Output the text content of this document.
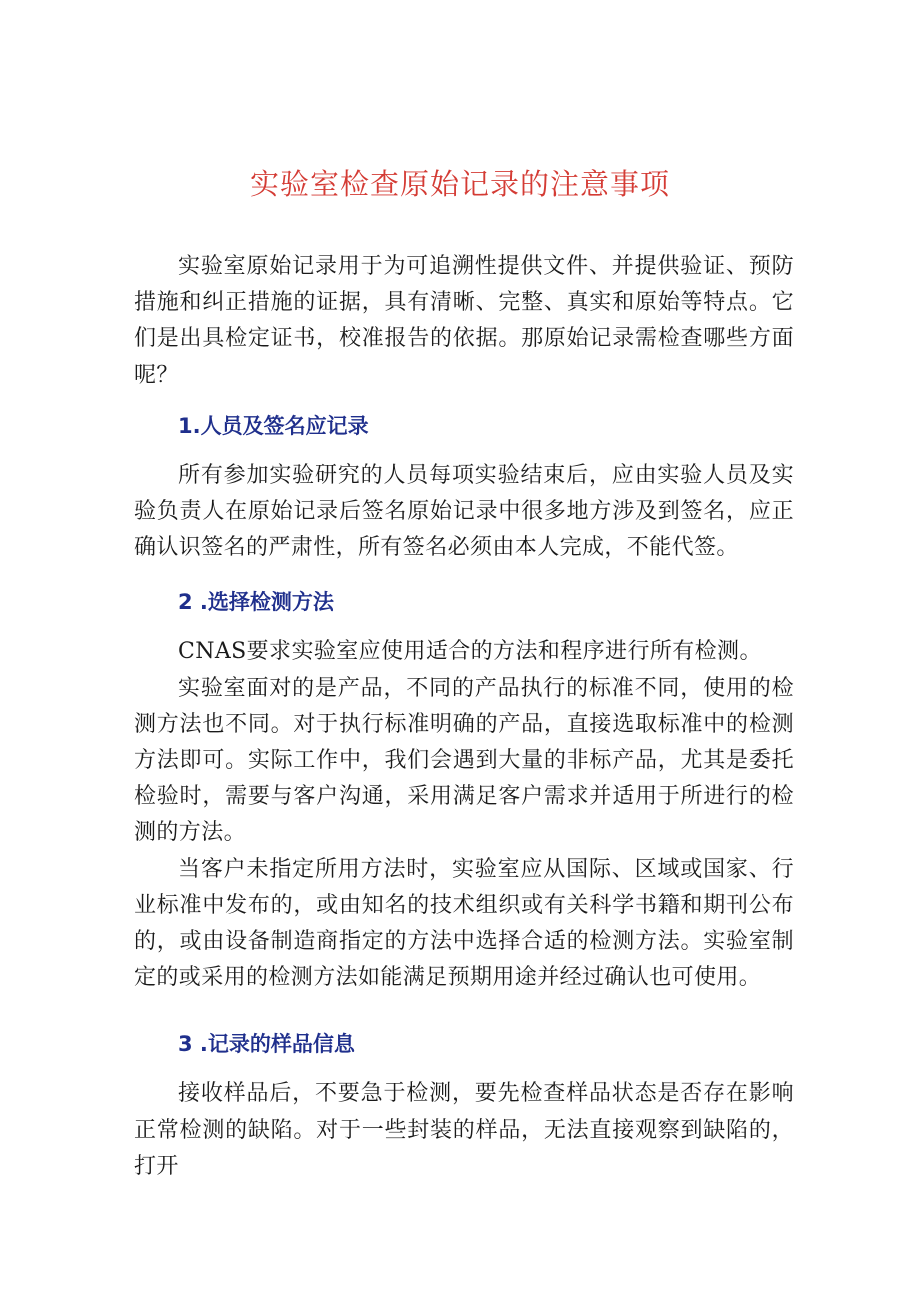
实验室检查原始记录的注意事项

实验室原始记录用于为可追溯性提供文件、并提供验证、预防措施和纠正措施的证据，具有清晰、完整、真实和原始等特点。它们是出具检定证书，校准报告的依据。那原始记录需检查哪些方面呢？

1.人员及签名应记录

所有参加实验研究的人员每项实验结束后，应由实验人员及实验负责人在原始记录后签名原始记录中很多地方涉及到签名，应正确认识签名的严肃性，所有签名必须由本人完成，不能代签。

2 .选择检测方法

CNAS要求实验室应使用适合的方法和程序进行所有检测。

实验室面对的是产品，不同的产品执行的标准不同，使用的检测方法也不同。对于执行标准明确的产品，直接选取标准中的检测方法即可。实际工作中，我们会遇到大量的非标产品，尤其是委托检验时，需要与客户沟通，采用满足客户需求并适用于所进行的检测的方法。

当客户未指定所用方法时，实验室应从国际、区域或国家、行业标准中发布的，或由知名的技术组织或有关科学书籍和期刊公布的，或由设备制造商指定的方法中选择合适的检测方法。实验室制定的或采用的检测方法如能满足预期用途并经过确认也可使用。

3 .记录的样品信息

接收样品后，不要急于检测，要先检查样品状态是否存在影响正常检测的缺陷。对于一些封装的样品，无法直接观察到缺陷的，打开
